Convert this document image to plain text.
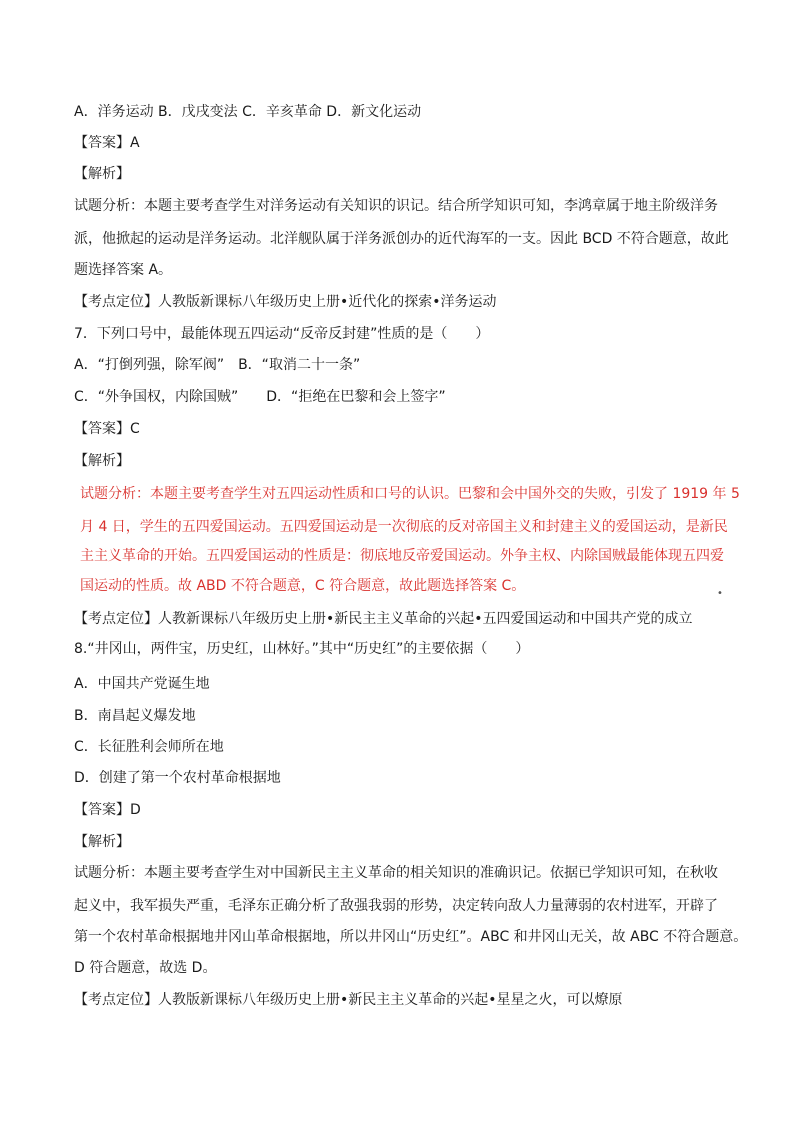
A．洋务运动 B．戊戌变法 C．辛亥革命 D．新文化运动
【答案】A
【解析】
试题分析：本题主要考查学生对洋务运动有关知识的识记。结合所学知识可知，李鸿章属于地主阶级洋务
派，他掀起的运动是洋务运动。北洋舰队属于洋务派创办的近代海军的一支。因此 BCD 不符合题意，故此
题选择答案 A。
【考点定位】人教版新课标八年级历史上册•近代化的探索•洋务运动
7．下列口号中，最能体现五四运动“反帝反封建”性质的是（　　）
A．“打倒列强，除军阀”　B．“取消二十一条”
C．“外争国权，内除国贼”　　D．“拒绝在巴黎和会上签字”
【答案】C
【解析】
试题分析：本题主要考查学生对五四运动性质和口号的认识。巴黎和会中国外交的失败，引发了 1919 年 5
月 4 日，学生的五四爱国运动。五四爱国运动是一次彻底的反对帝国主义和封建主义的爱国运动，是新民
主主义革命的开始。五四爱国运动的性质是：彻底地反帝爱国运动。外争主权、内除国贼最能体现五四爱
国运动的性质。故 ABD 不符合题意，C 符合题意，故此题选择答案 C。	•
【考点定位】人教新课标八年级历史上册•新民主主义革命的兴起•五四爱国运动和中国共产党的成立
8.“井冈山，两件宝，历史红，山林好。”其中“历史红”的主要依据（　　）
A．中国共产党诞生地
B．南昌起义爆发地
C．长征胜利会师所在地
D．创建了第一个农村革命根据地
【答案】D
【解析】
试题分析：本题主要考查学生对中国新民主主义革命的相关知识的准确识记。依据已学知识可知，在秋收
起义中，我军损失严重，毛泽东正确分析了敌强我弱的形势，决定转向敌人力量薄弱的农村进军，开辟了
第一个农村革命根据地井冈山革命根据地，所以井冈山“历史红”。ABC 和井冈山无关，故 ABC 不符合题意。
D 符合题意，故选 D。
【考点定位】人教版新课标八年级历史上册•新民主主义革命的兴起•星星之火，可以燎原
